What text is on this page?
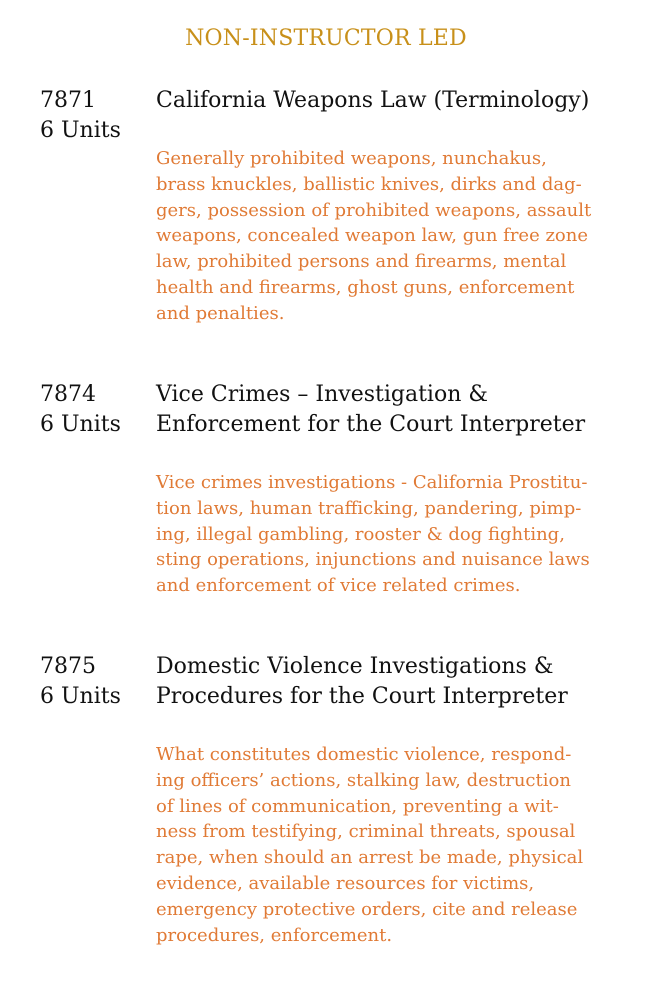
NON-INSTRUCTOR LED
7871
6 Units
California Weapons Law (Terminology)
Generally prohibited weapons, nunchakus,
brass knuckles, ballistic knives, dirks and dag-
gers, possession of prohibited weapons, assault
weapons, concealed weapon law, gun free zone
law, prohibited persons and firearms, mental
health and firearms, ghost guns, enforcement
and penalties.
7874
6 Units
Vice Crimes – Investigation &
Enforcement for the Court Interpreter
Vice crimes investigations - California Prostitu-
tion laws, human trafficking, pandering, pimp-
ing, illegal gambling, rooster & dog fighting,
sting operations, injunctions and nuisance laws
and enforcement of vice related crimes.
7875
6 Units
Domestic Violence Investigations &
Procedures for the Court Interpreter
What constitutes domestic violence, respond-
ing officers’ actions, stalking law, destruction
of lines of communication, preventing a wit-
ness from testifying, criminal threats, spousal
rape, when should an arrest be made, physical
evidence, available resources for victims,
emergency protective orders, cite and release
procedures, enforcement.
